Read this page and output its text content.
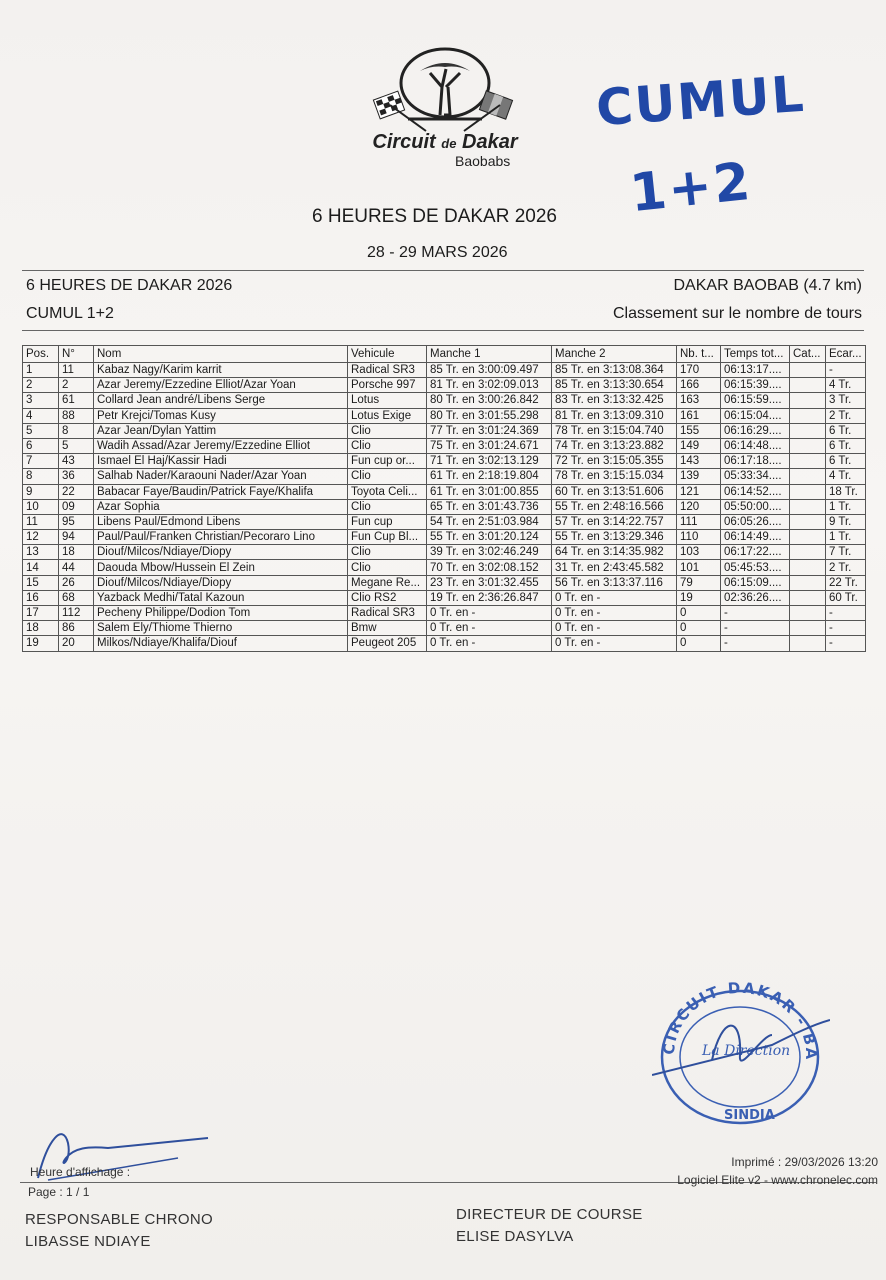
Circuit de Dakar
Baobabs
CUMUL
1+2
6 HEURES DE DAKAR 2026
28 - 29 MARS 2026
6 HEURES DE DAKAR 2026	DAKAR BAOBAB (4.7 km)
CUMUL 1+2	Classement sur le nombre de tours
Pos.	N°	Nom	Vehicule	Manche 1	Manche 2	Nb. t...	Temps tot...	Cat...	Ecar...
1	11	Kabaz Nagy/Karim karrit	Radical SR3	85 Tr. en 3:00:09.497	85 Tr. en 3:13:08.364	170	06:13:17....		-
2	2	Azar Jeremy/Ezzedine Elliot/Azar Yoan	Porsche 997	81 Tr. en 3:02:09.013	85 Tr. en 3:13:30.654	166	06:15:39....		4 Tr.
3	61	Collard Jean andré/Libens Serge	Lotus	80 Tr. en 3:00:26.842	83 Tr. en 3:13:32.425	163	06:15:59....		3 Tr.
4	88	Petr Krejci/Tomas Kusy	Lotus Exige	80 Tr. en 3:01:55.298	81 Tr. en 3:13:09.310	161	06:15:04....		2 Tr.
5	8	Azar Jean/Dylan Yattim	Clio	77 Tr. en 3:01:24.369	78 Tr. en 3:15:04.740	155	06:16:29....		6 Tr.
6	5	Wadih Assad/Azar Jeremy/Ezzedine Elliot	Clio	75 Tr. en 3:01:24.671	74 Tr. en 3:13:23.882	149	06:14:48....		6 Tr.
7	43	Ismael El Haj/Kassir Hadi	Fun cup or...	71 Tr. en 3:02:13.129	72 Tr. en 3:15:05.355	143	06:17:18....		6 Tr.
8	36	Salhab Nader/Karaouni Nader/Azar Yoan	Clio	61 Tr. en 2:18:19.804	78 Tr. en 3:15:15.034	139	05:33:34....		4 Tr.
9	22	Babacar Faye/Baudin/Patrick Faye/Khalifa	Toyota Celi...	61 Tr. en 3:01:00.855	60 Tr. en 3:13:51.606	121	06:14:52....		18 Tr.
10	09	Azar Sophia	Clio	65 Tr. en 3:01:43.736	55 Tr. en 2:48:16.566	120	05:50:00....		1 Tr.
11	95	Libens Paul/Edmond Libens	Fun cup	54 Tr. en 2:51:03.984	57 Tr. en 3:14:22.757	111	06:05:26....		9 Tr.
12	94	Paul/Paul/Franken Christian/Pecoraro Lino	Fun Cup Bl...	55 Tr. en 3:01:20.124	55 Tr. en 3:13:29.346	110	06:14:49....		1 Tr.
13	18	Diouf/Milcos/Ndiaye/Diopy	Clio	39 Tr. en 3:02:46.249	64 Tr. en 3:14:35.982	103	06:17:22....		7 Tr.
14	44	Daouda Mbow/Hussein El Zein	Clio	70 Tr. en 3:02:08.152	31 Tr. en 2:43:45.582	101	05:45:53....		2 Tr.
15	26	Diouf/Milcos/Ndiaye/Diopy	Megane Re...	23 Tr. en 3:01:32.455	56 Tr. en 3:13:37.116	79	06:15:09....		22 Tr.
16	68	Yazback Medhi/Tatal Kazoun	Clio RS2	19 Tr. en 2:36:26.847	0 Tr. en -	19	02:36:26....		60 Tr.
17	112	Pecheny Philippe/Dodion Tom	Radical SR3	0 Tr. en -	0 Tr. en -	0	-		-
18	86	Salem Ely/Thiome Thierno	Bmw	0 Tr. en -	0 Tr. en -	0	-		-
19	20	Milkos/Ndiaye/Khalifa/Diouf	Peugeot 205	0 Tr. en -	0 Tr. en -	0	-		-
CIRCUIT DAKAR - BA
SINDIA
La Direction
Heure d'affichage :
Imprimé : 29/03/2026 13:20
Logiciel Elite v2 - www.chronelec.com
Page : 1 / 1
RESPONSABLE CHRONO
LIBASSE NDIAYE
DIRECTEUR DE COURSE
ELISE DASYLVA
